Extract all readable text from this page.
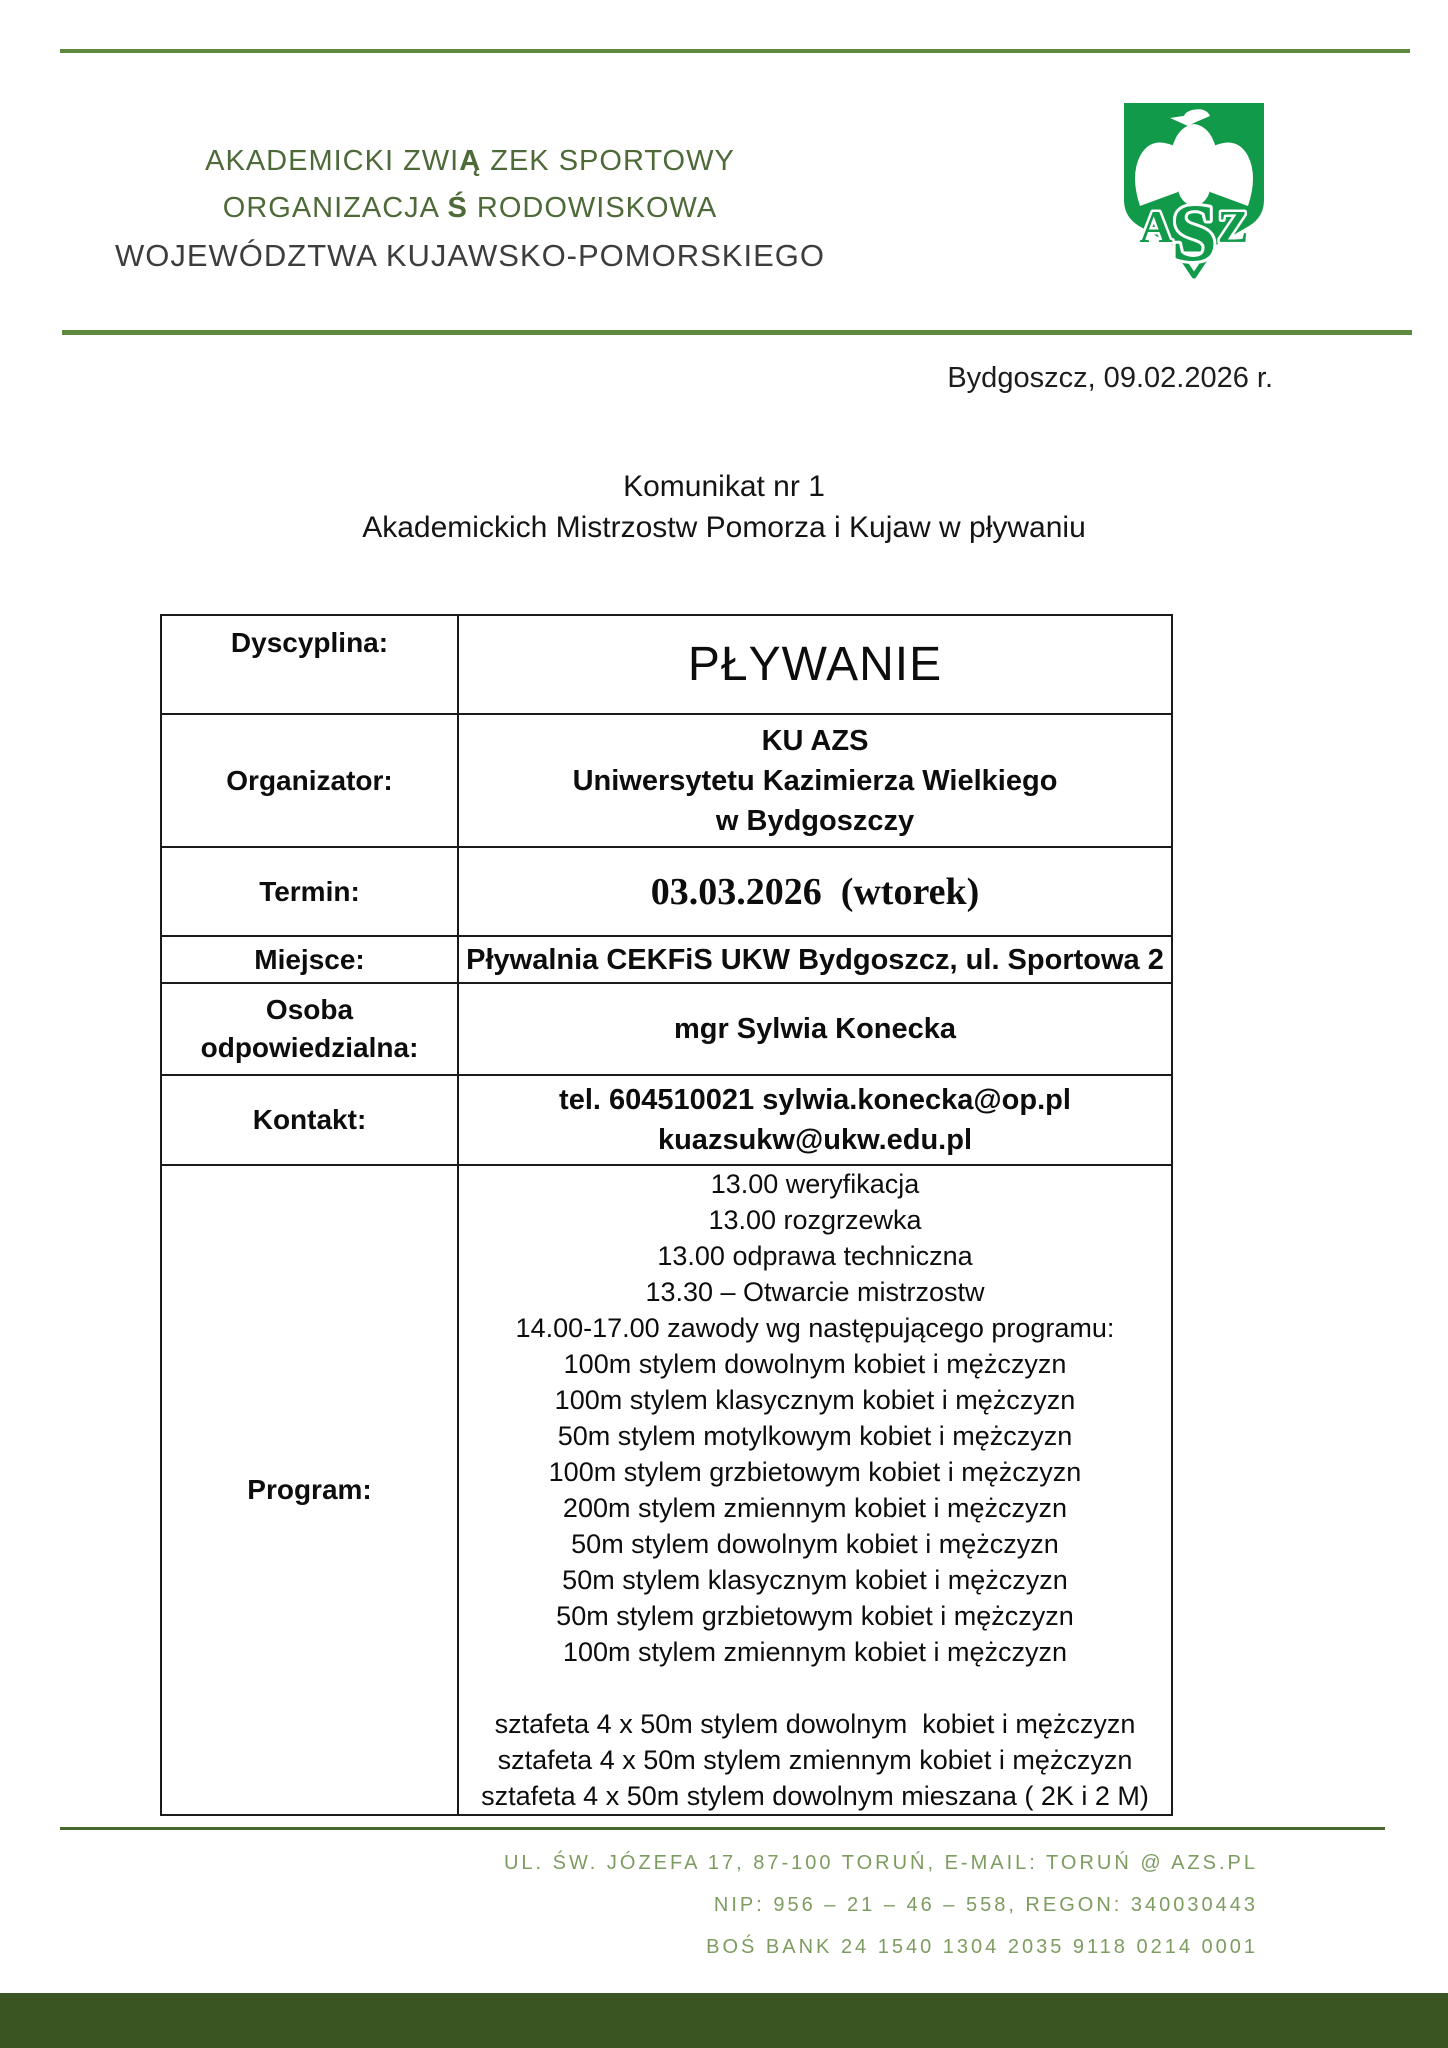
AKADEMICKI ZWIĄ ZEK SPORTOWY
ORGANIZACJA Ś RODOWISKOWA
WOJEWÓDZTWA KUJAWSKO-POMORSKIEGO
A
S Z
Bydgoszcz, 09.02.2026 r.
Komunikat nr 1
Akademickich Mistrzostw Pomorza i Kujaw w pływaniu
Dyscyplina:	PŁYWANIE

Organizator:	KU AZS
Uniwersytetu Kazimierza Wielkiego
w Bydgoszczy

Termin:	03.03.2026  (wtorek)

Miejsce:	Pływalnia CEKFiS UKW Bydgoszcz, ul. Sportowa 2

Osoba
odpowiedzialna:	mgr Sylwia Konecka

Kontakt:	tel. 604510021 sylwia.konecka@op.pl
kuazsukw@ukw.edu.pl

Program:

13.00 weryfikacja
13.00 rozgrzewka
13.00 odprawa techniczna
13.30 – Otwarcie mistrzostw
14.00-17.00 zawody wg następującego programu:
100m stylem dowolnym kobiet i mężczyzn
100m stylem klasycznym kobiet i mężczyzn
50m stylem motylkowym kobiet i mężczyzn
100m stylem grzbietowym kobiet i mężczyzn
200m stylem zmiennym kobiet i mężczyzn
50m stylem dowolnym kobiet i mężczyzn
50m stylem klasycznym kobiet i mężczyzn
50m stylem grzbietowym kobiet i mężczyzn
100m stylem zmiennym kobiet i mężczyzn

sztafeta 4 x 50m stylem dowolnym  kobiet i mężczyzn
sztafeta 4 x 50m stylem zmiennym kobiet i mężczyzn
sztafeta 4 x 50m stylem dowolnym mieszana ( 2K i 2 M)
UL. ŚW. JÓZEFA 17, 87-100 TORUŃ, E-MAIL: TORUŃ @ AZS.PL
NIP: 956 – 21 – 46 – 558, REGON: 340030443
BOŚ BANK 24 1540 1304 2035 9118 0214 0001
